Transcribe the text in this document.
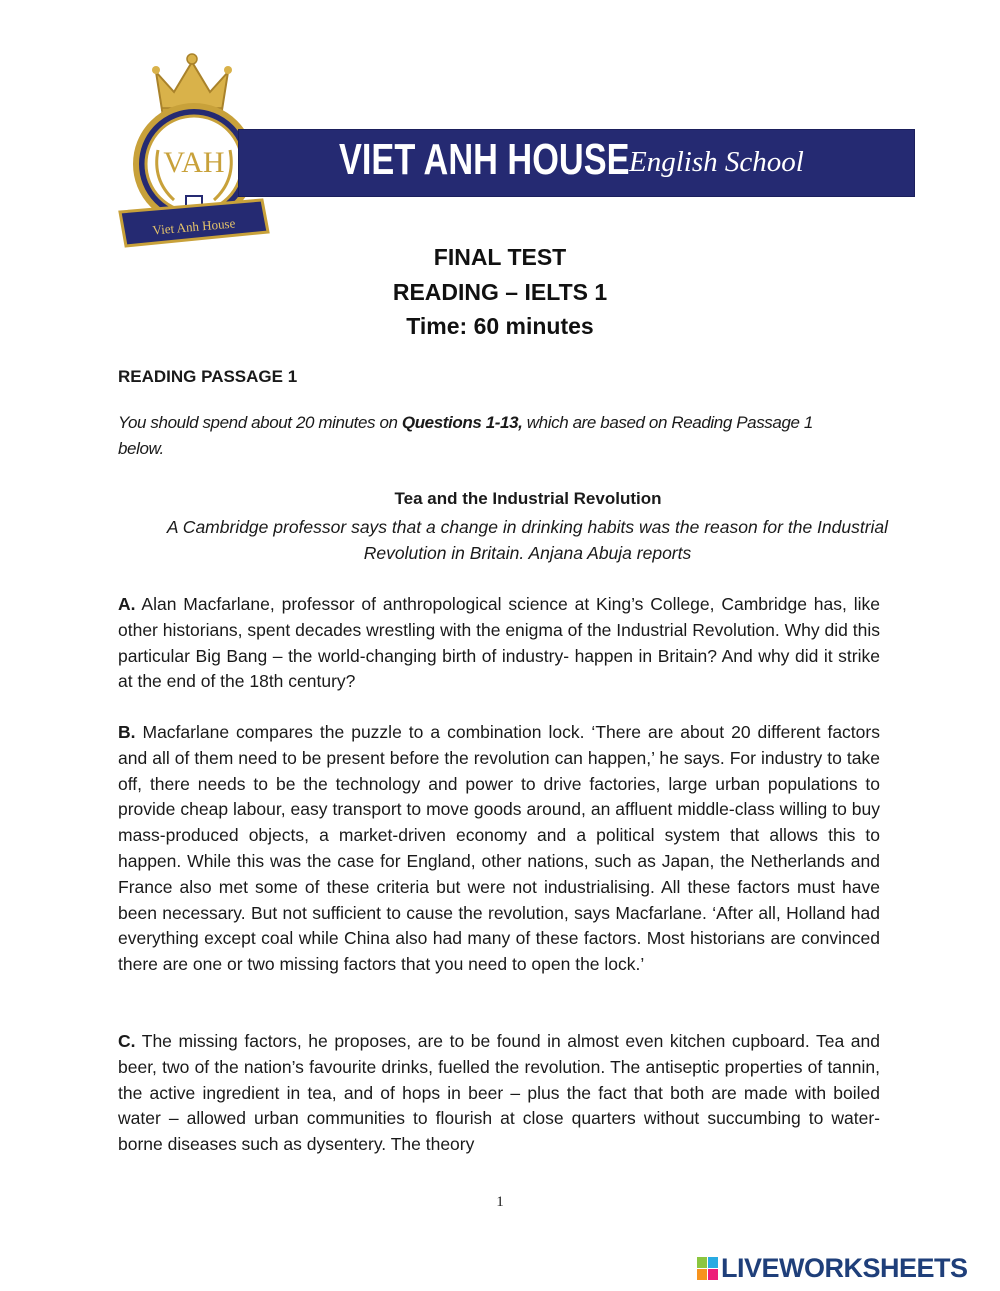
VAH
Viet Anh House
VIET ANH HOUSE English School
FINAL TEST
READING – IELTS 1
Time: 60 minutes
READING PASSAGE 1
You should spend about 20 minutes on Questions 1-13, which are based on Reading Passage 1 below.
Tea and the Industrial Revolution
A Cambridge professor says that a change in drinking habits was the reason for the Industrial Revolution in Britain. Anjana Abuja reports

A. Alan Macfarlane, professor of anthropological science at King’s College, Cambridge has, like other historians, spent decades wrestling with the enigma of the Industrial Revolution. Why did this particular Big Bang – the world-changing birth of industry- happen in Britain? And why did it strike at the end of the 18th century?

B. Macfarlane compares the puzzle to a combination lock. ‘There are about 20 different factors and all of them need to be present before the revolution can happen,’ he says. For industry to take off, there needs to be the technology and power to drive factories, large urban populations to provide cheap labour, easy transport to move goods around, an affluent middle-class willing to buy mass-produced objects, a market-driven economy and a political system that allows this to happen. While this was the case for England, other nations, such as Japan, the Netherlands and France also met some of these criteria but were not industrialising. All these factors must have been necessary. But not sufficient to cause the revolution, says Macfarlane. ‘After all, Holland had everything except coal while China also had many of these factors. Most historians are convinced there are one or two missing factors that you need to open the lock.’

C. The missing factors, he proposes, are to be found in almost even kitchen cupboard. Tea and beer, two of the nation’s favourite drinks, fuelled the revolution. The antiseptic properties of tannin, the active ingredient in tea, and of hops in beer – plus the fact that both are made with boiled water – allowed urban communities to flourish at close quarters without succumbing to water-borne diseases such as dysentery. The theory

1
LIVEWORKSHEETS
